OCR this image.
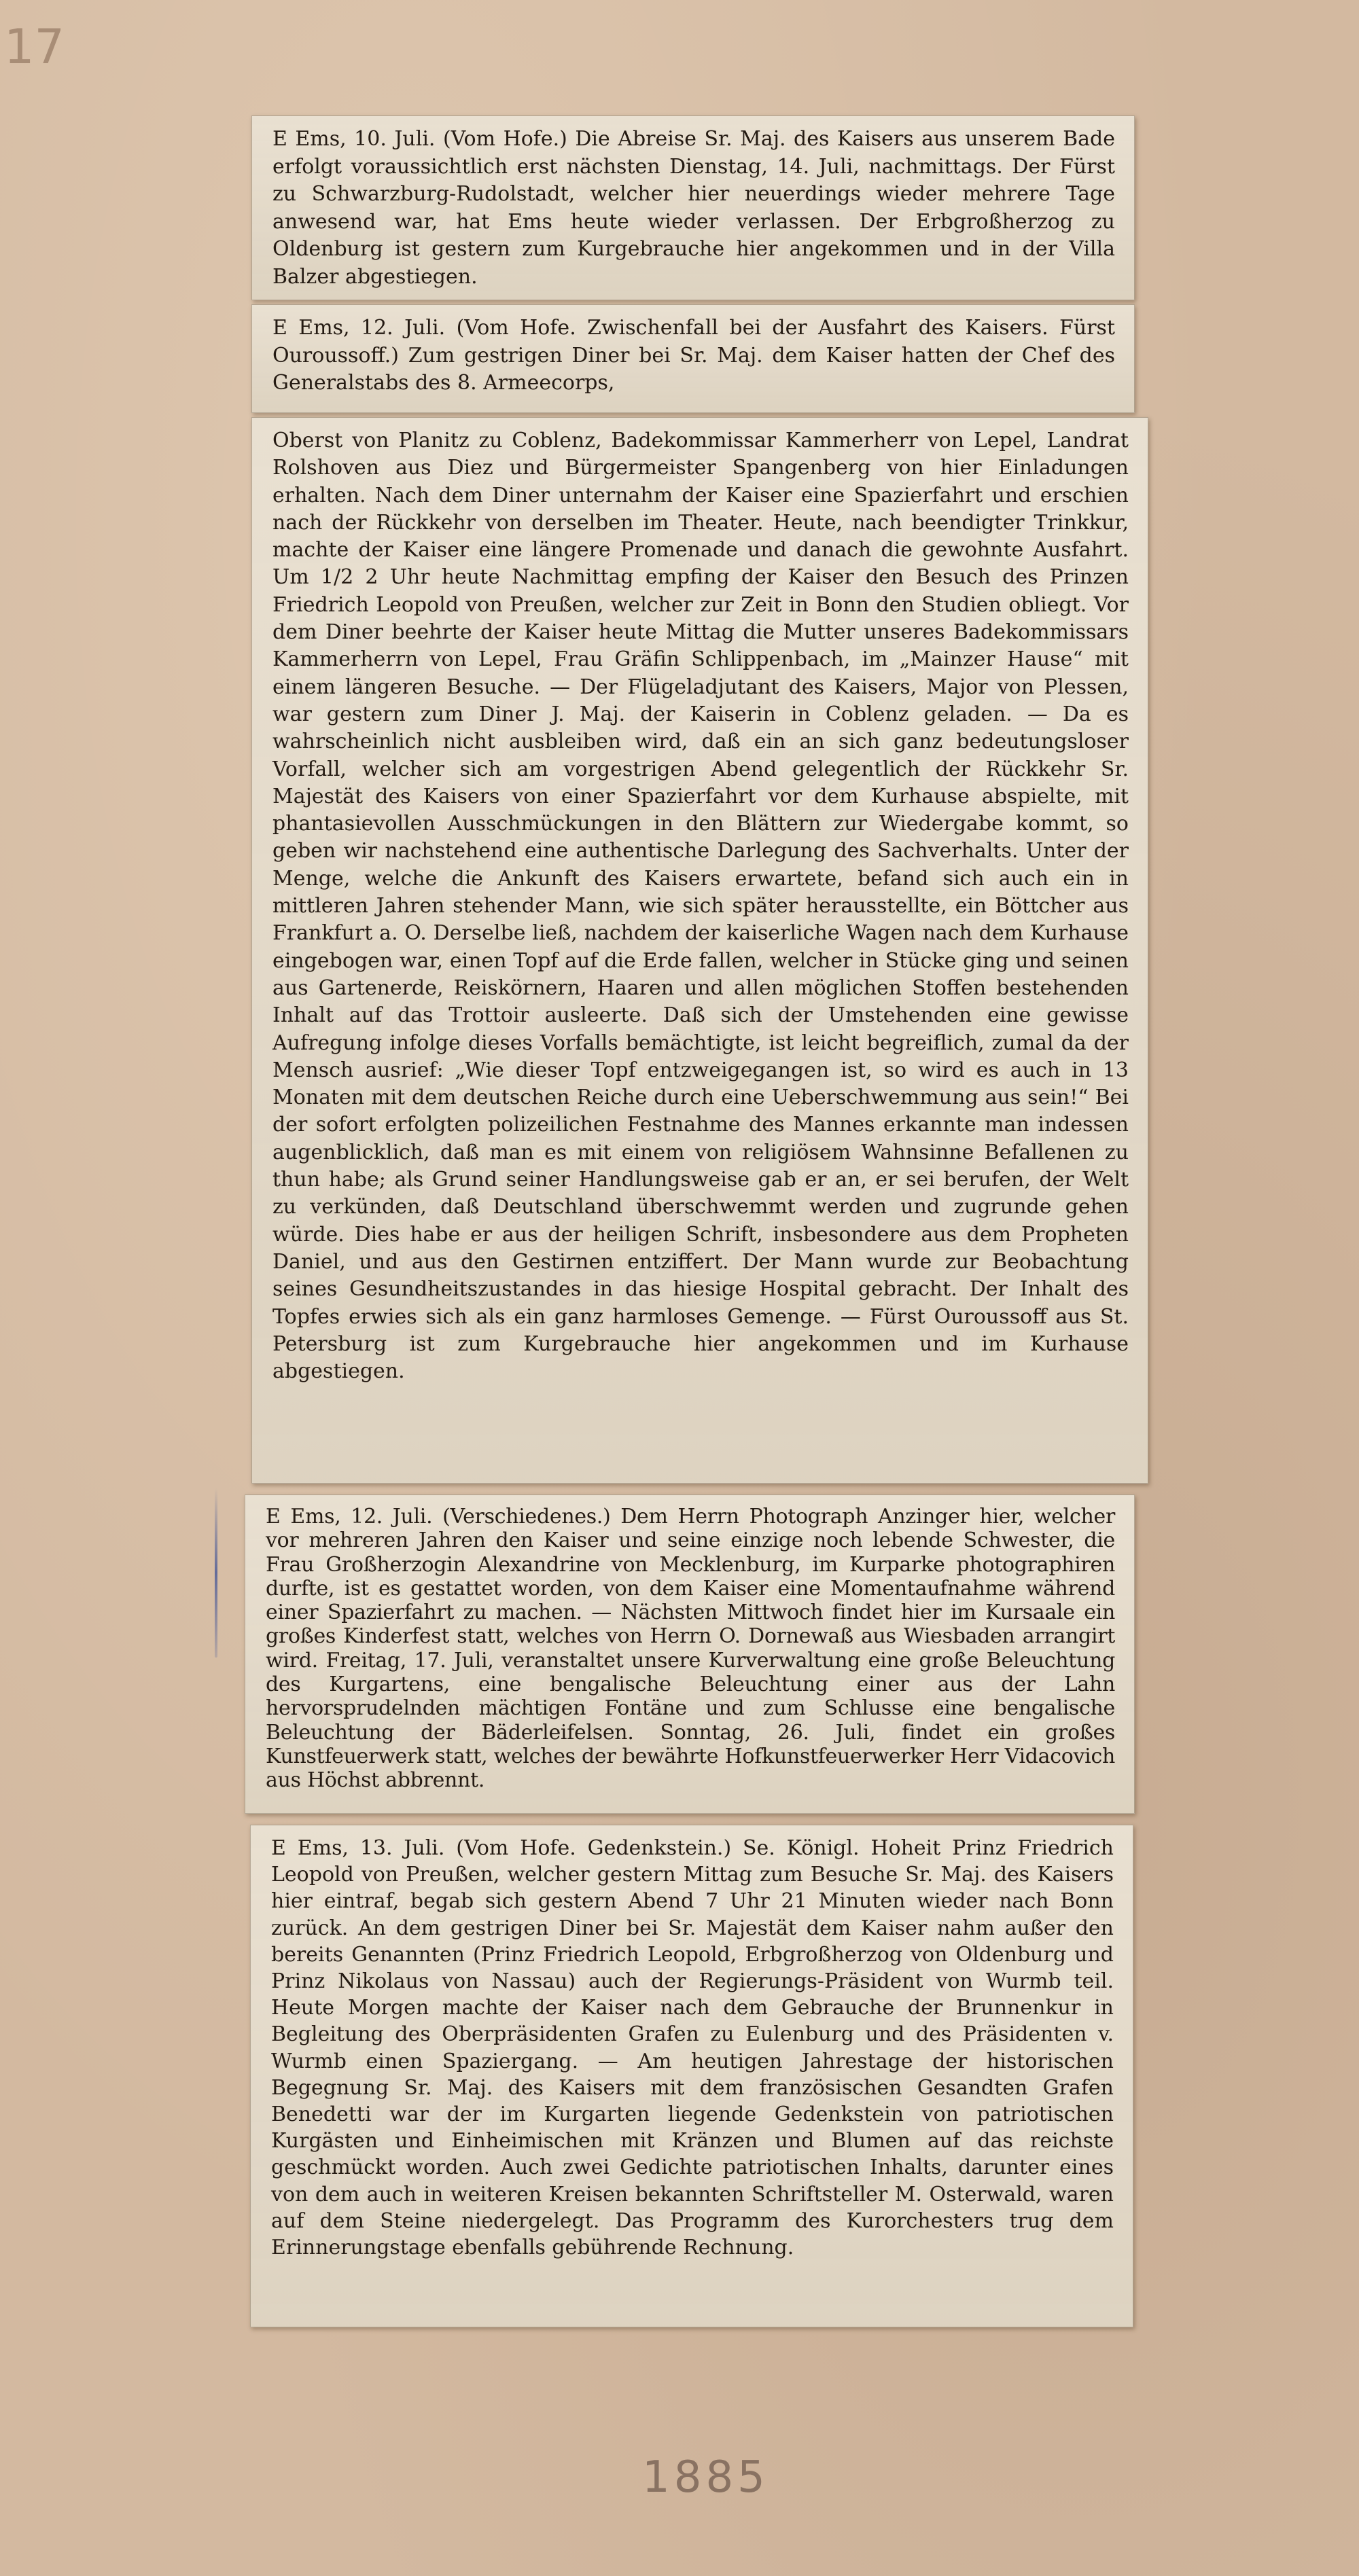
17

E Ems, 10. Juli. (Vom Hofe.) Die Abreise Sr. Maj. des Kaisers aus unserem Bade erfolgt voraussichtlich erst nächsten Dienstag, 14. Juli, nachmittags. Der Fürst zu Schwarzburg-Rudolstadt, welcher hier neuerdings wieder mehrere Tage anwesend war, hat Ems heute wieder verlassen. Der Erbgroßherzog zu Oldenburg ist gestern zum Kurgebrauche hier angekommen und in der Villa Balzer abgestiegen.

E Ems, 12. Juli. (Vom Hofe. Zwischenfall bei der Ausfahrt des Kaisers. Fürst Ouroussoff.) Zum gestrigen Diner bei Sr. Maj. dem Kaiser hatten der Chef des Generalstabs des 8. Armeecorps,

Oberst von Planitz zu Coblenz, Badekommissar Kammerherr von Lepel, Landrat Rolshoven aus Diez und Bürgermeister Spangenberg von hier Einladungen erhalten. Nach dem Diner unternahm der Kaiser eine Spazierfahrt und erschien nach der Rückkehr von derselben im Theater. Heute, nach beendigter Trinkkur, machte der Kaiser eine längere Promenade und danach die gewohnte Ausfahrt. Um 1/2 2 Uhr heute Nachmittag empfing der Kaiser den Besuch des Prinzen Friedrich Leopold von Preußen, welcher zur Zeit in Bonn den Studien obliegt. Vor dem Diner beehrte der Kaiser heute Mittag die Mutter unseres Badekommissars Kammerherrn von Lepel, Frau Gräfin Schlippenbach, im „Mainzer Hause“ mit einem längeren Besuche. — Der Flügeladjutant des Kaisers, Major von Plessen, war gestern zum Diner J. Maj. der Kaiserin in Coblenz geladen. — Da es wahrscheinlich nicht ausbleiben wird, daß ein an sich ganz bedeutungsloser Vorfall, welcher sich am vorgestrigen Abend gelegentlich der Rückkehr Sr. Majestät des Kaisers von einer Spazierfahrt vor dem Kurhause abspielte, mit phantasievollen Ausschmückungen in den Blättern zur Wiedergabe kommt, so geben wir nachstehend eine authentische Darlegung des Sachverhalts. Unter der Menge, welche die Ankunft des Kaisers erwartete, befand sich auch ein in mittleren Jahren stehender Mann, wie sich später herausstellte, ein Böttcher aus Frankfurt a. O. Derselbe ließ, nachdem der kaiserliche Wagen nach dem Kurhause eingebogen war, einen Topf auf die Erde fallen, welcher in Stücke ging und seinen aus Gartenerde, Reiskörnern, Haaren und allen möglichen Stoffen bestehenden Inhalt auf das Trottoir ausleerte. Daß sich der Umstehenden eine gewisse Aufregung infolge dieses Vorfalls bemächtigte, ist leicht begreiflich, zumal da der Mensch ausrief: „Wie dieser Topf entzweigegangen ist, so wird es auch in 13 Monaten mit dem deutschen Reiche durch eine Ueberschwemmung aus sein!“ Bei der sofort erfolgten polizeilichen Festnahme des Mannes erkannte man indessen augenblicklich, daß man es mit einem von religiösem Wahnsinne Befallenen zu thun habe; als Grund seiner Handlungsweise gab er an, er sei berufen, der Welt zu verkünden, daß Deutschland überschwemmt werden und zugrunde gehen würde. Dies habe er aus der heiligen Schrift, insbesondere aus dem Propheten Daniel, und aus den Gestirnen entziffert. Der Mann wurde zur Beobachtung seines Gesundheitszustandes in das hiesige Hospital gebracht. Der Inhalt des Topfes erwies sich als ein ganz harmloses Gemenge. — Fürst Ouroussoff aus St. Petersburg ist zum Kurgebrauche hier angekommen und im Kurhause abgestiegen.

E Ems, 12. Juli. (Verschiedenes.) Dem Herrn Photograph Anzinger hier, welcher vor mehreren Jahren den Kaiser und seine einzige noch lebende Schwester, die Frau Großherzogin Alexandrine von Mecklenburg, im Kurparke photographiren durfte, ist es gestattet worden, von dem Kaiser eine Momentaufnahme während einer Spazierfahrt zu machen. — Nächsten Mittwoch findet hier im Kursaale ein großes Kinderfest statt, welches von Herrn O. Dornewaß aus Wiesbaden arrangirt wird. Freitag, 17. Juli, veranstaltet unsere Kurverwaltung eine große Beleuchtung des Kurgartens, eine bengalische Beleuchtung einer aus der Lahn hervorsprudelnden mächtigen Fontäne und zum Schlusse eine bengalische Beleuchtung der Bäderleifelsen. Sonntag, 26. Juli, findet ein großes Kunstfeuerwerk statt, welches der bewährte Hofkunstfeuerwerker Herr Vidacovich aus Höchst abbrennt.

E Ems, 13. Juli. (Vom Hofe. Gedenkstein.) Se. Königl. Hoheit Prinz Friedrich Leopold von Preußen, welcher gestern Mittag zum Besuche Sr. Maj. des Kaisers hier eintraf, begab sich gestern Abend 7 Uhr 21 Minuten wieder nach Bonn zurück. An dem gestrigen Diner bei Sr. Majestät dem Kaiser nahm außer den bereits Genannten (Prinz Friedrich Leopold, Erbgroßherzog von Oldenburg und Prinz Nikolaus von Nassau) auch der Regierungs-Präsident von Wurmb teil. Heute Morgen machte der Kaiser nach dem Gebrauche der Brunnenkur in Begleitung des Oberpräsidenten Grafen zu Eulenburg und des Präsidenten v. Wurmb einen Spaziergang. — Am heutigen Jahrestage der historischen Begegnung Sr. Maj. des Kaisers mit dem französischen Gesandten Grafen Benedetti war der im Kurgarten liegende Gedenkstein von patriotischen Kurgästen und Einheimischen mit Kränzen und Blumen auf das reichste geschmückt worden. Auch zwei Gedichte patriotischen Inhalts, darunter eines von dem auch in weiteren Kreisen bekannten Schriftsteller M. Osterwald, waren auf dem Steine niedergelegt. Das Programm des Kurorchesters trug dem Erinnerungstage ebenfalls gebührende Rechnung.

1885
